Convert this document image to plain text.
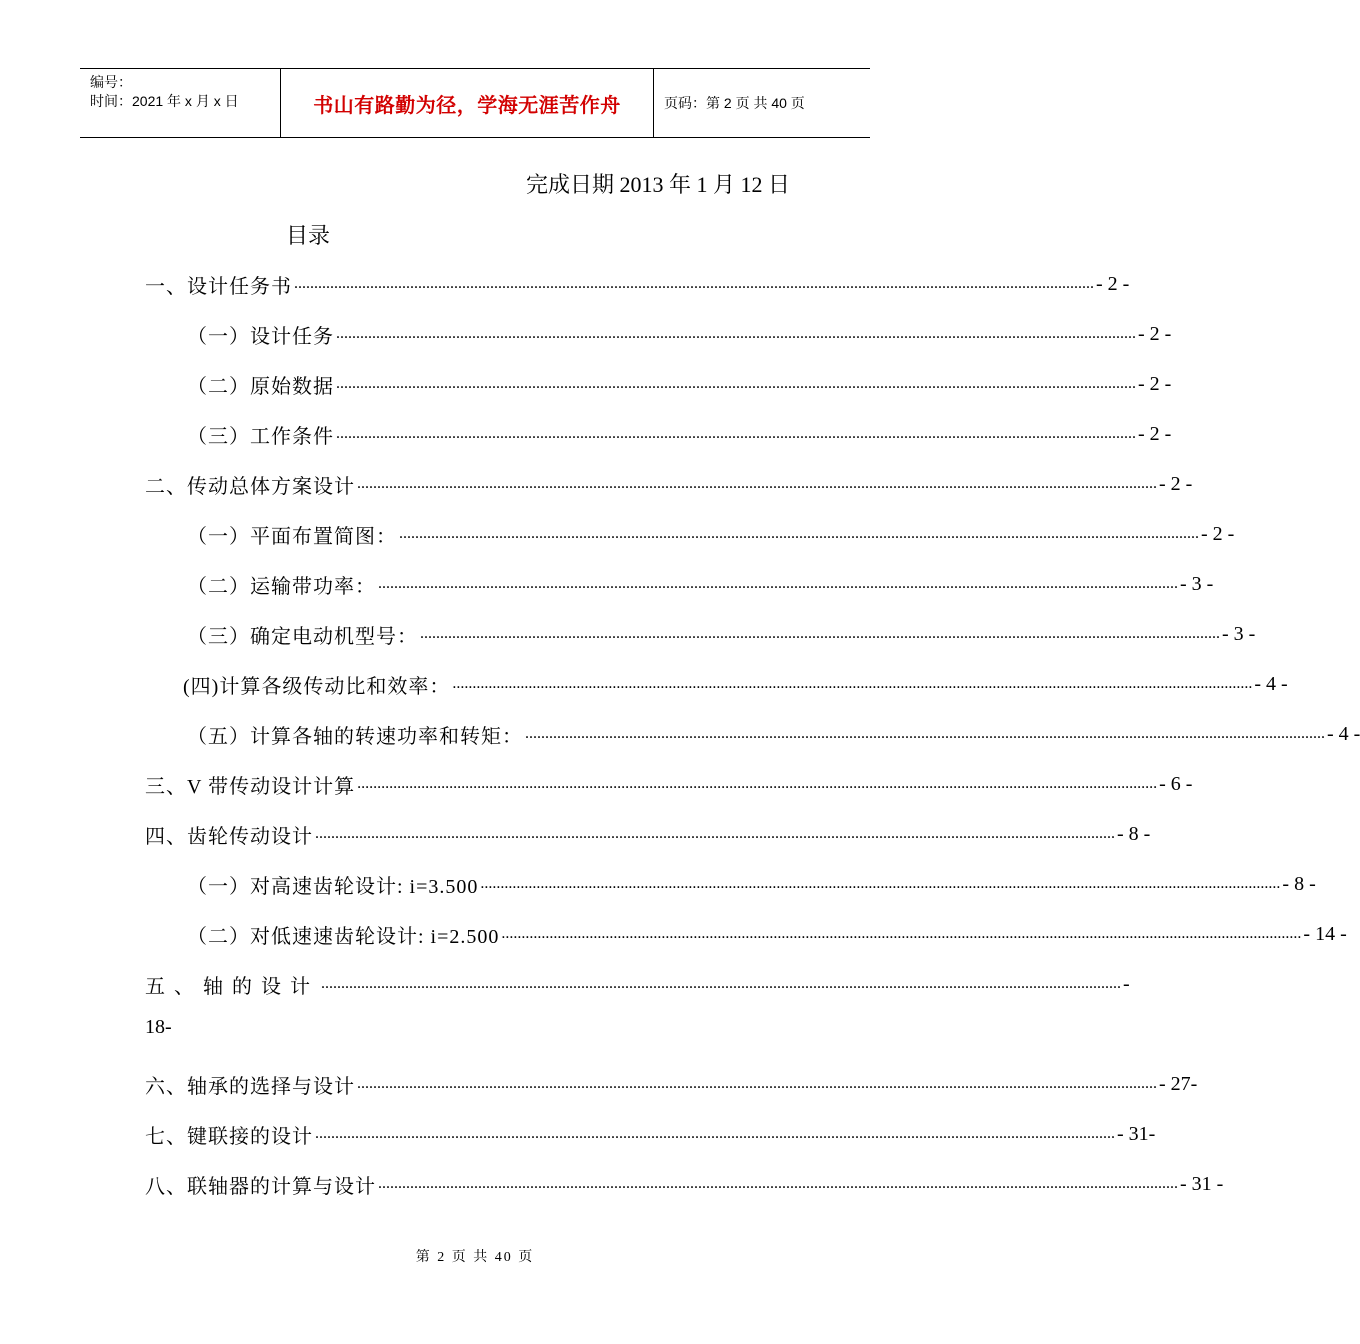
编号：
时间：2021 年 x 月 x 日	书山有路勤为径，学海无涯苦作舟	页码：第 2 页 共 40 页
完成日期 2013 年 1 月 12 日
目录
一、设计任务书 ........................................................................................................................................................................................................ - 2 -
（一）设计任务 ........................................................................................................................................................................................................ - 2 -
（二）原始数据 ........................................................................................................................................................................................................ - 2 -
（三）工作条件 ........................................................................................................................................................................................................ - 2 -
二、传动总体方案设计 ........................................................................................................................................................................................................ - 2 -
（一）平面布置简图： ........................................................................................................................................................................................................ - 2 -
（二）运输带功率： ........................................................................................................................................................................................................ - 3 -
（三）确定电动机型号： ........................................................................................................................................................................................................ - 3 -
(四)计算各级传动比和效率： ........................................................................................................................................................................................................ - 4 -
（五）计算各轴的转速功率和转矩： ........................................................................................................................................................................................................ - 4 -
三、V 带传动设计计算 ........................................................................................................................................................................................................ - 6 -
四、齿轮传动设计 ........................................................................................................................................................................................................ - 8 -
（一）对高速齿轮设计: i=3.500 ........................................................................................................................................................................................................ - 8 -
（二）对低速速齿轮设计: i=2.500 ........................................................................................................................................................................................................ - 14 -
五、轴的设计 ........................................................................................................................................................................................................ -
六、轴承的选择与设计 ........................................................................................................................................................................................................ - 27-
七、键联接的设计 ........................................................................................................................................................................................................ - 31-
八、联轴器的计算与设计 ........................................................................................................................................................................................................ - 31 -
18-
第 2 页 共 40 页
